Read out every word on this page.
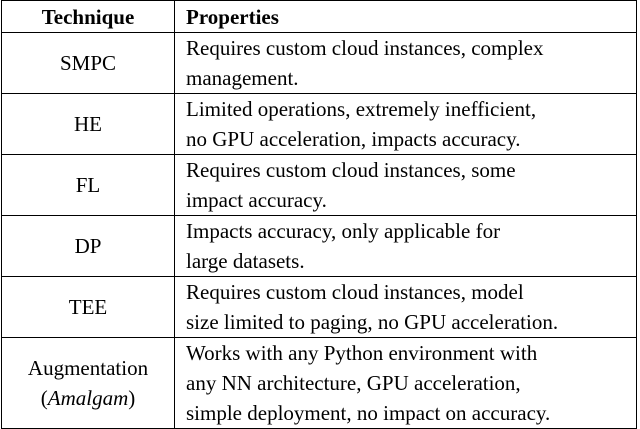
Technique	Properties
SMPC	Requires custom cloud instances, complex
management.

HE	Limited operations, extremely inefficient,
no GPU acceleration, impacts accuracy.

FL	Requires custom cloud instances, some
impact accuracy.

DP	Impacts accuracy, only applicable for
large datasets.

TEE	Requires custom cloud instances, model
size limited to paging, no GPU acceleration.

Augmentation
(Amalgam)	Works with any Python environment with
any NN architecture, GPU acceleration,
simple deployment, no impact on accuracy.
